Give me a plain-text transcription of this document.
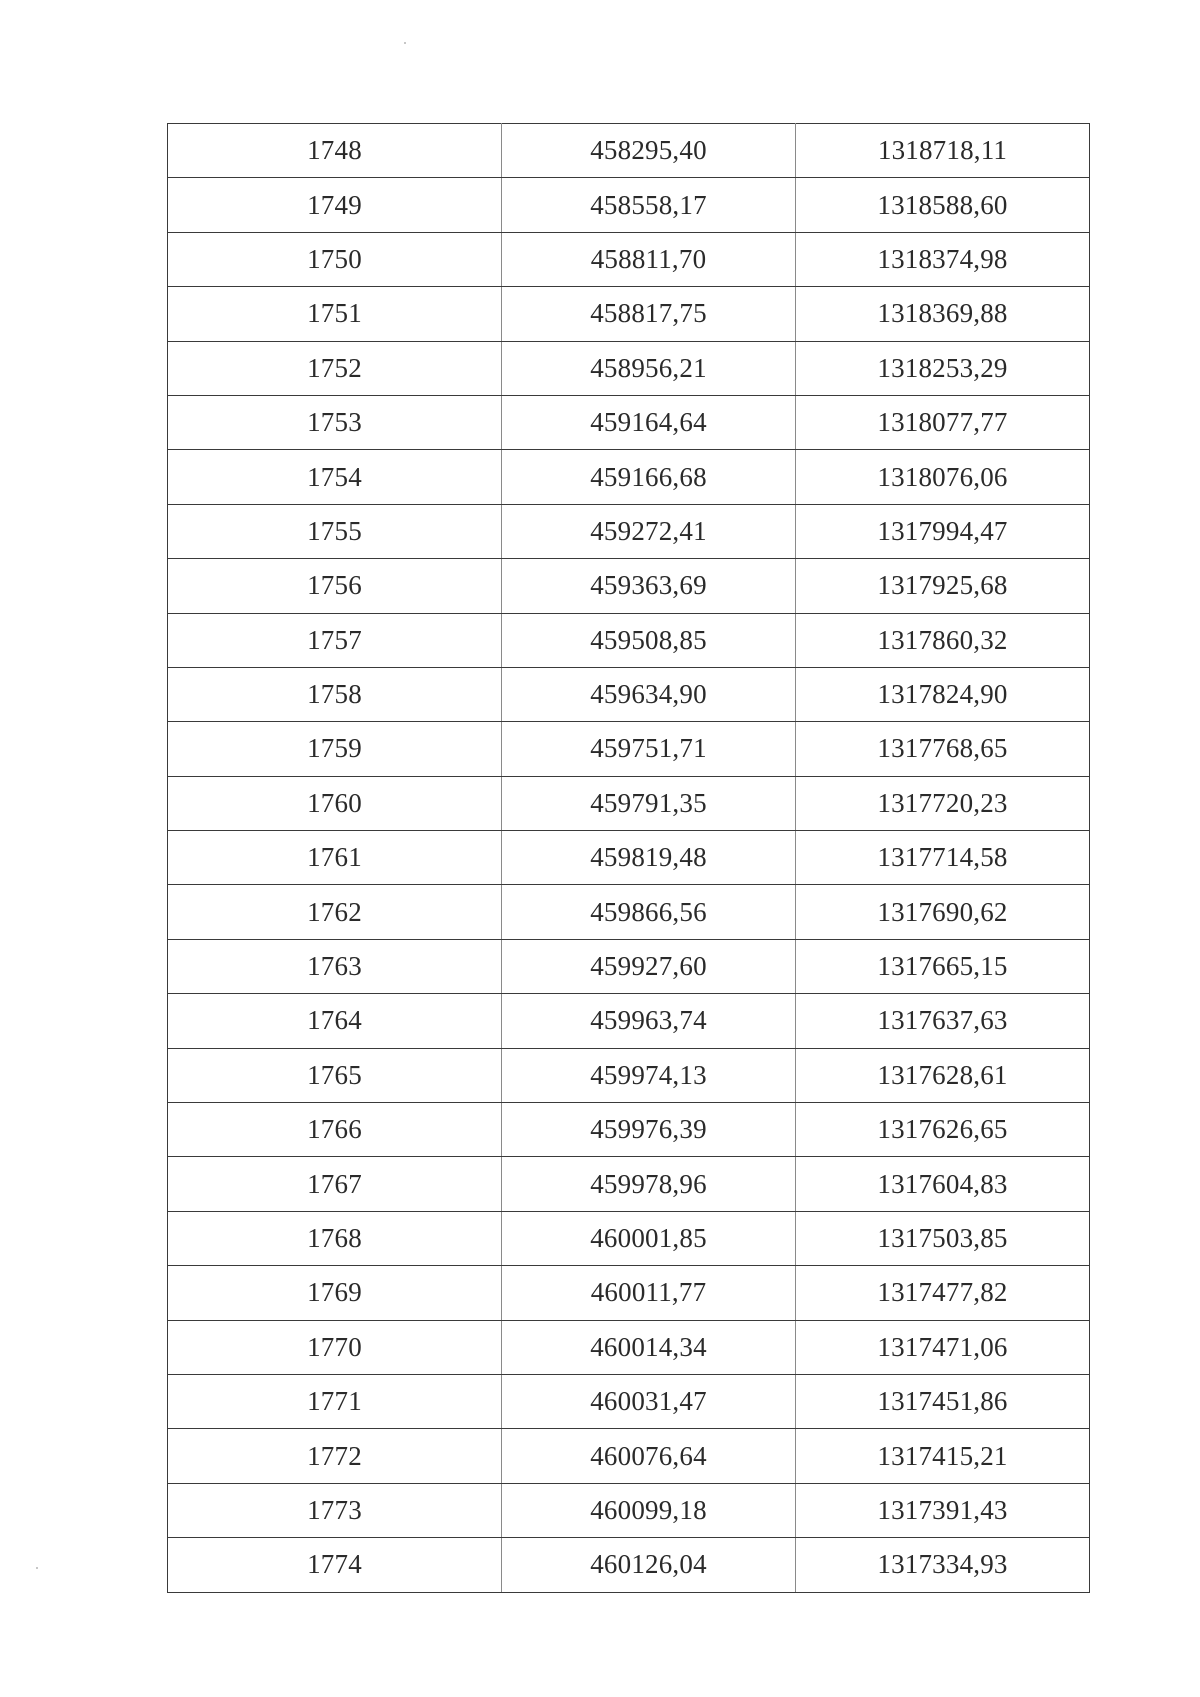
1748	458295,40	1318718,11
1749	458558,17	1318588,60
1750	458811,70	1318374,98
1751	458817,75	1318369,88
1752	458956,21	1318253,29
1753	459164,64	1318077,77
1754	459166,68	1318076,06
1755	459272,41	1317994,47
1756	459363,69	1317925,68
1757	459508,85	1317860,32
1758	459634,90	1317824,90
1759	459751,71	1317768,65
1760	459791,35	1317720,23
1761	459819,48	1317714,58
1762	459866,56	1317690,62
1763	459927,60	1317665,15
1764	459963,74	1317637,63
1765	459974,13	1317628,61
1766	459976,39	1317626,65
1767	459978,96	1317604,83
1768	460001,85	1317503,85
1769	460011,77	1317477,82
1770	460014,34	1317471,06
1771	460031,47	1317451,86
1772	460076,64	1317415,21
1773	460099,18	1317391,43
1774	460126,04	1317334,93
